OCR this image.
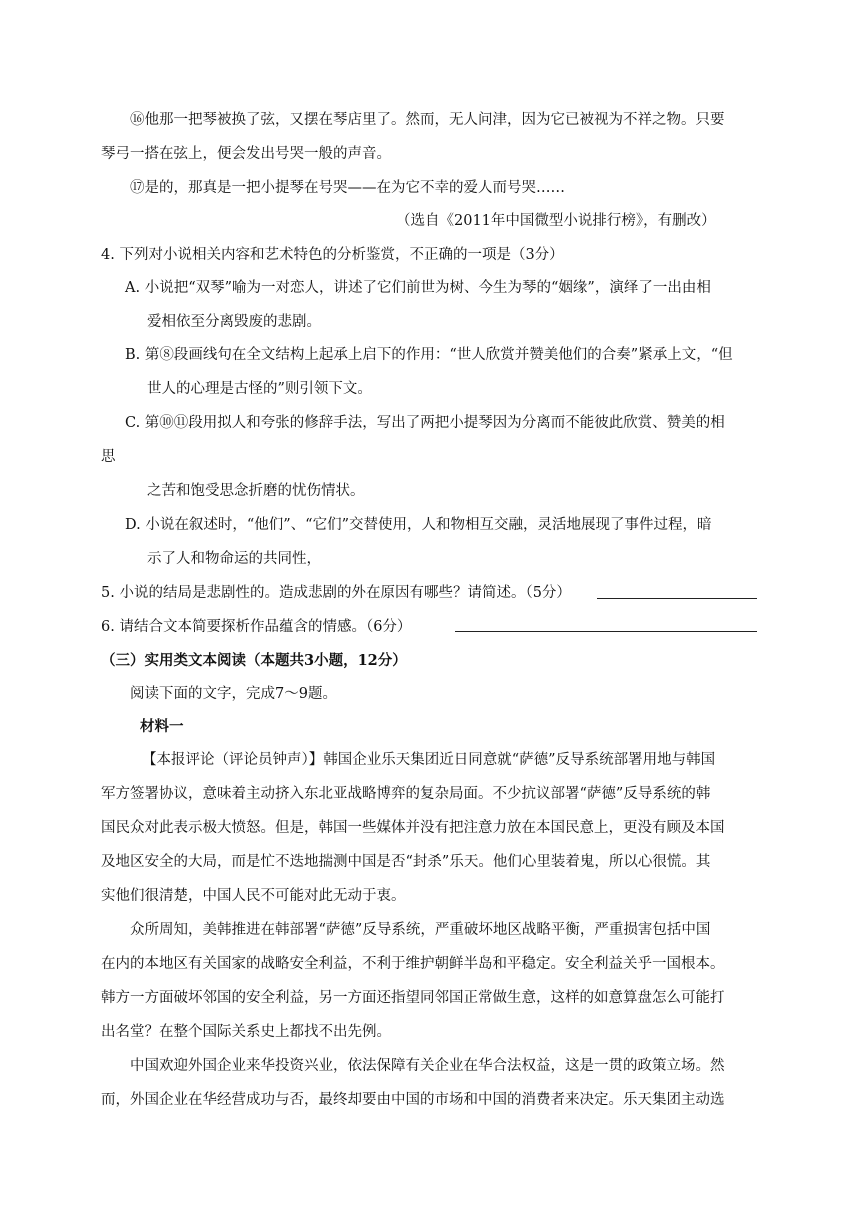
⑯他那一把琴被换了弦，又摆在琴店里了。然而，无人问津，因为它已被视为不祥之物。只要
琴弓一搭在弦上，便会发出号哭一般的声音。
⑰是的，那真是一把小提琴在号哭——在为它不幸的爱人而号哭……
（选自《2011年中国微型小说排行榜》，有删改）
4. 下列对小说相关内容和艺术特色的分析鉴赏，不正确的一项是（3分）
A. 小说把“双琴”喻为一对恋人，讲述了它们前世为树、今生为琴的“姻缘”，演绎了一出由相
爱相依至分离毁废的悲剧。
B. 第⑧段画线句在全文结构上起承上启下的作用：“世人欣赏并赞美他们的合奏”紧承上文，“但
世人的心理是古怪的”则引领下文。
C. 第⑩⑪段用拟人和夸张的修辞手法，写出了两把小提琴因为分离而不能彼此欣赏、赞美的相
思
之苦和饱受思念折磨的忧伤情状。
D. 小说在叙述时，“他们”、“它们”交替使用，人和物相互交融，灵活地展现了事件过程，暗
示了人和物命运的共同性，
5. 小说的结局是悲剧性的。造成悲剧的外在原因有哪些？请简述。（5分）
6. 请结合文本简要探析作品蕴含的情感。（6分）
（三）实用类文本阅读（本题共3小题，12分）
阅读下面的文字，完成7～9题。
材料一
【本报评论（评论员钟声）】韩国企业乐天集团近日同意就“萨德”反导系统部署用地与韩国
军方签署协议，意味着主动挤入东北亚战略博弈的复杂局面。不少抗议部署“萨德”反导系统的韩
国民众对此表示极大愤怒。但是，韩国一些媒体并没有把注意力放在本国民意上，更没有顾及本国
及地区安全的大局，而是忙不迭地揣测中国是否“封杀”乐天。他们心里装着鬼，所以心很慌。其
实他们很清楚，中国人民不可能对此无动于衷。
众所周知，美韩推进在韩部署“萨德”反导系统，严重破坏地区战略平衡，严重损害包括中国
在内的本地区有关国家的战略安全利益，不利于维护朝鲜半岛和平稳定。安全利益关乎一国根本。
韩方一方面破坏邻国的安全利益，另一方面还指望同邻国正常做生意，这样的如意算盘怎么可能打
出名堂？在整个国际关系史上都找不出先例。
中国欢迎外国企业来华投资兴业，依法保障有关企业在华合法权益，这是一贯的政策立场。然
而，外国企业在华经营成功与否，最终却要由中国的市场和中国的消费者来决定。乐天集团主动选
